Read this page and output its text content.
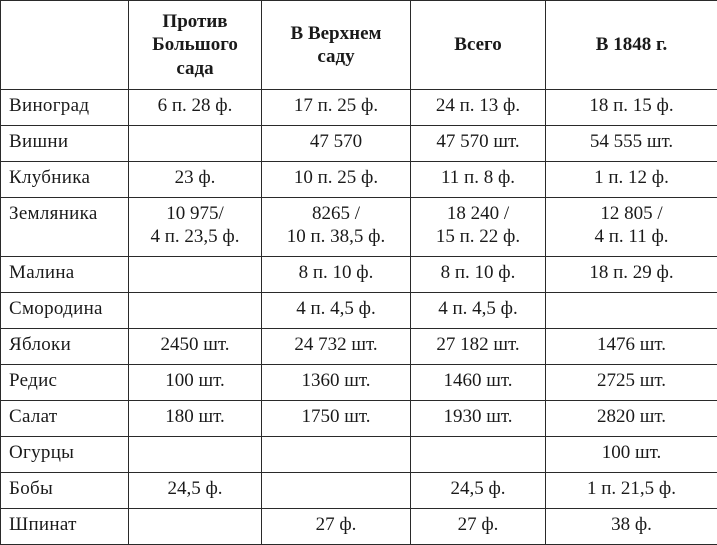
	Против
Большого
сада	В Верхнем
саду	Всего	В 1848 г.

Виноград	6 п. 28 ф.	17 п. 25 ф.	24 п. 13 ф.	18 п. 15 ф.

Вишни		47 570	47 570 шт.	54 555 шт.

Клубника	23 ф.	10 п. 25 ф.	11 п. 8 ф.	1 п. 12 ф.

Земляника	10 975/
4 п. 23,5 ф.	8265 /
10 п. 38,5 ф.	18 240 /
15 п. 22 ф.	12 805 /
4 п. 11 ф.

Малина		8 п. 10 ф.	8 п. 10 ф.	18 п. 29 ф.

Смородина		4 п. 4,5 ф.	4 п. 4,5 ф.	

Яблоки	2450 шт.	24 732 шт.	27 182 шт.	1476 шт.

Редис	100 шт.	1360 шт.	1460 шт.	2725 шт.

Салат	180 шт.	1750 шт.	1930 шт.	2820 шт.

Огурцы				100 шт.

Бобы	24,5 ф.		24,5 ф.	1 п. 21,5 ф.

Шпинат		27 ф.	27 ф.	38 ф.
